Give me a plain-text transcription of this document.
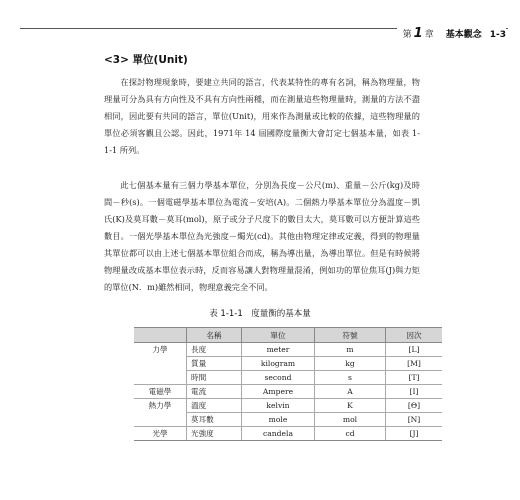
第 1 章 基本觀念 1-3
<3> 單位(Unit)

在探討物理現象時，要建立共同的語言，代表某特性的專有名詞，稱為物理量，物理量可分為具有方向性及不具有方向性兩種，而在測量這些物理量時，測量的方法不盡相同，因此要有共同的語言，單位(Unit)，用來作為測量或比較的依據，這些物理量的單位必須客觀且公認。因此，1971年 14 屆國際度量衡大會訂定七個基本量，如表 1-1-1 所列。

此七個基本量有三個力學基本單位，分別為長度－公尺(m)、重量－公斤(kg)及時間－秒(s)。一個電磁學基本單位為電流－安培(A)。二個熱力學基本單位分為溫度－凱氏(K)及莫耳數－莫耳(mol)，原子或分子尺度下的數目太大，莫耳數可以方便計算這些數目。一個光學基本單位為光強度－燭光(cd)。其他由物理定律或定義，得到的物理量其單位都可以由上述七個基本單位組合而成，稱為導出量，為導出單位。但是有時候將物理量改成基本單位表示時，反而容易讓人對物理量混淆，例如功的單位焦耳(J)與力矩的單位(N．m)雖然相同，物理意義完全不同。

表 1-1-1　度量衡的基本量
	名稱	單位	符號	因次
力學	長度	meter	m	[L]
	質量	kilogram	kg	[M]
	時間	second	s	[T]
電磁學	電流	Ampere	A	[I]
熱力學	溫度	kelvin	K	[Θ]
	莫耳數	mole	mol	[N]
光學	光強度	candela	cd	[J]
